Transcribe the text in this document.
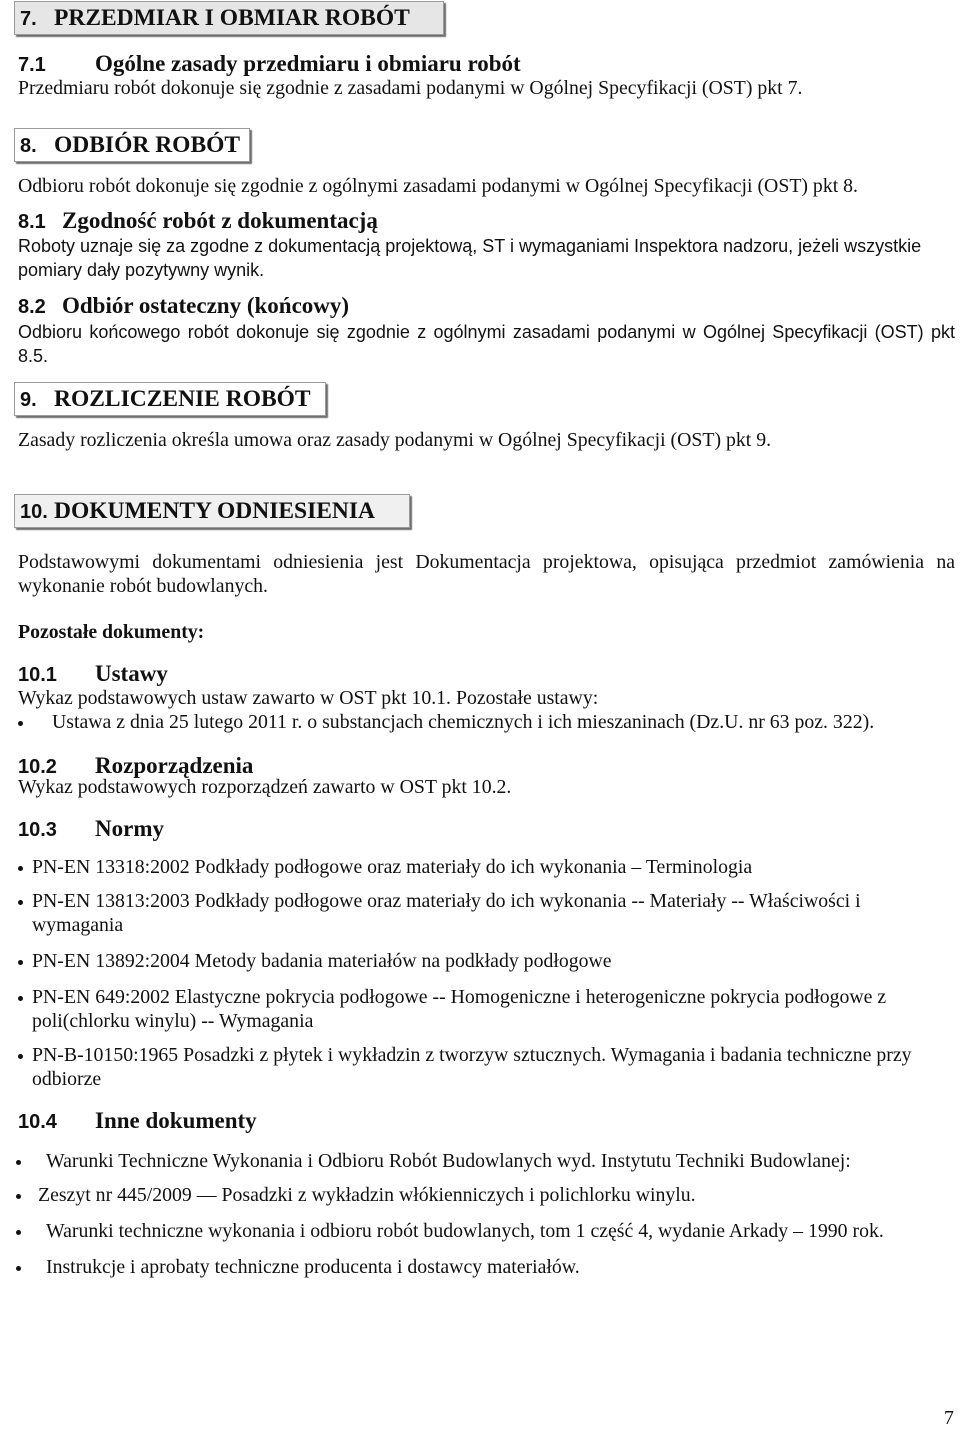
7. PRZEDMIAR I OBMIAR ROBÓT
7.1 Ogólne zasady przedmiaru i obmiaru robót
Przedmiaru robót dokonuje się zgodnie z zasadami podanymi w Ogólnej Specyfikacji (OST) pkt 7.
8. ODBIÓR ROBÓT
Odbioru robót dokonuje się zgodnie z ogólnymi zasadami podanymi w Ogólnej Specyfikacji (OST) pkt 8.
8.1 Zgodność robót z dokumentacją
Roboty uznaje się za zgodne z dokumentacją projektową, ST i wymaganiami Inspektora nadzoru, jeżeli wszystkie
pomiary dały pozytywny wynik.
8.2 Odbiór ostateczny (końcowy)
Odbioru końcowego robót dokonuje się zgodnie z ogólnymi zasadami podanymi w Ogólnej Specyfikacji (OST) pkt
8.5.
9. ROZLICZENIE ROBÓT
Zasady rozliczenia określa umowa oraz zasady podanymi w Ogólnej Specyfikacji (OST) pkt 9.
10. DOKUMENTY ODNIESIENIA
Podstawowymi dokumentami odniesienia jest Dokumentacja projektowa, opisująca przedmiot zamówienia na
wykonanie robót budowlanych.
Pozostałe dokumenty:
10.1 Ustawy
Wykaz podstawowych ustaw zawarto w OST pkt 10.1. Pozostałe ustawy:
Ustawa z dnia 25 lutego 2011 r. o substancjach chemicznych i ich mieszaninach (Dz.U. nr 63 poz. 322).
10.2 Rozporządzenia
Wykaz podstawowych rozporządzeń zawarto w OST pkt 10.2.
10.3 Normy
PN-EN 13318:2002 Podkłady podłogowe oraz materiały do ich wykonania – Terminologia
PN-EN 13813:2003 Podkłady podłogowe oraz materiały do ich wykonania -- Materiały -- Właściwości i
wymagania
PN-EN 13892:2004 Metody badania materiałów na podkłady podłogowe
PN-EN 649:2002 Elastyczne pokrycia podłogowe -- Homogeniczne i heterogeniczne pokrycia podłogowe z
poli(chlorku winylu) -- Wymagania
PN-B-10150:1965 Posadzki z płytek i wykładzin z tworzyw sztucznych. Wymagania i badania techniczne przy
odbiorze
10.4 Inne dokumenty
Warunki Techniczne Wykonania i Odbioru Robót Budowlanych wyd. Instytutu Techniki Budowlanej:
Zeszyt nr 445/2009 — Posadzki z wykładzin włókienniczych i polichlorku winylu.
Warunki techniczne wykonania i odbioru robót budowlanych, tom 1 część 4, wydanie Arkady – 1990 rok.
Instrukcje i aprobaty techniczne producenta i dostawcy materiałów.
7
